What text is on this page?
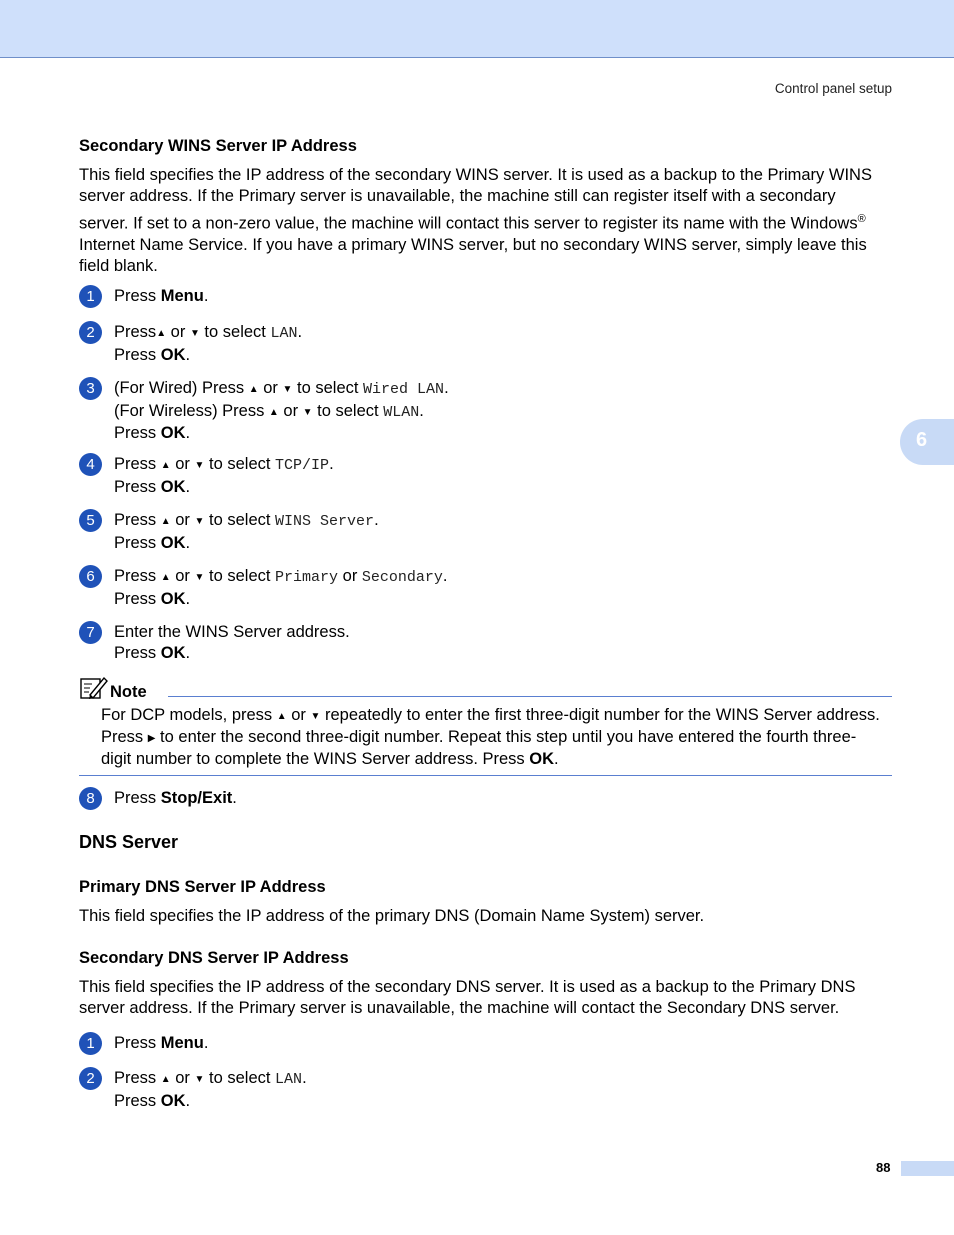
Control panel setup
6
Secondary WINS Server IP Address
This field specifies the IP address of the secondary WINS server. It is used as a backup to the Primary WINS
server address. If the Primary server is unavailable, the machine still can register itself with a secondary
server. If set to a non-zero value, the machine will contact this server to register its name with the Windows®
Internet Name Service. If you have a primary WINS server, but no secondary WINS server, simply leave this
field blank.
1	Press Menu.
2	Press▲ or ▼ to select LAN.
Press OK.
3	(For Wired) Press ▲ or ▼ to select Wired LAN.
(For Wireless) Press ▲ or ▼ to select WLAN.
Press OK.
4	Press ▲ or ▼ to select TCP/IP.
Press OK.
5	Press ▲ or ▼ to select WINS Server.
Press OK.
6	Press ▲ or ▼ to select Primary or Secondary.
Press OK.
7	Enter the WINS Server address.
Press OK.
Note
For DCP models, press ▲ or ▼ repeatedly to enter the first three-digit number for the WINS Server address.
Press ▶ to enter the second three-digit number. Repeat this step until you have entered the fourth three-
digit number to complete the WINS Server address. Press OK.
8	Press Stop/Exit.
DNS Server
Primary DNS Server IP Address
This field specifies the IP address of the primary DNS (Domain Name System) server.
Secondary DNS Server IP Address
This field specifies the IP address of the secondary DNS server. It is used as a backup to the Primary DNS
server address. If the Primary server is unavailable, the machine will contact the Secondary DNS server.
1	Press Menu.
2	Press ▲ or ▼ to select LAN.
Press OK.
88
